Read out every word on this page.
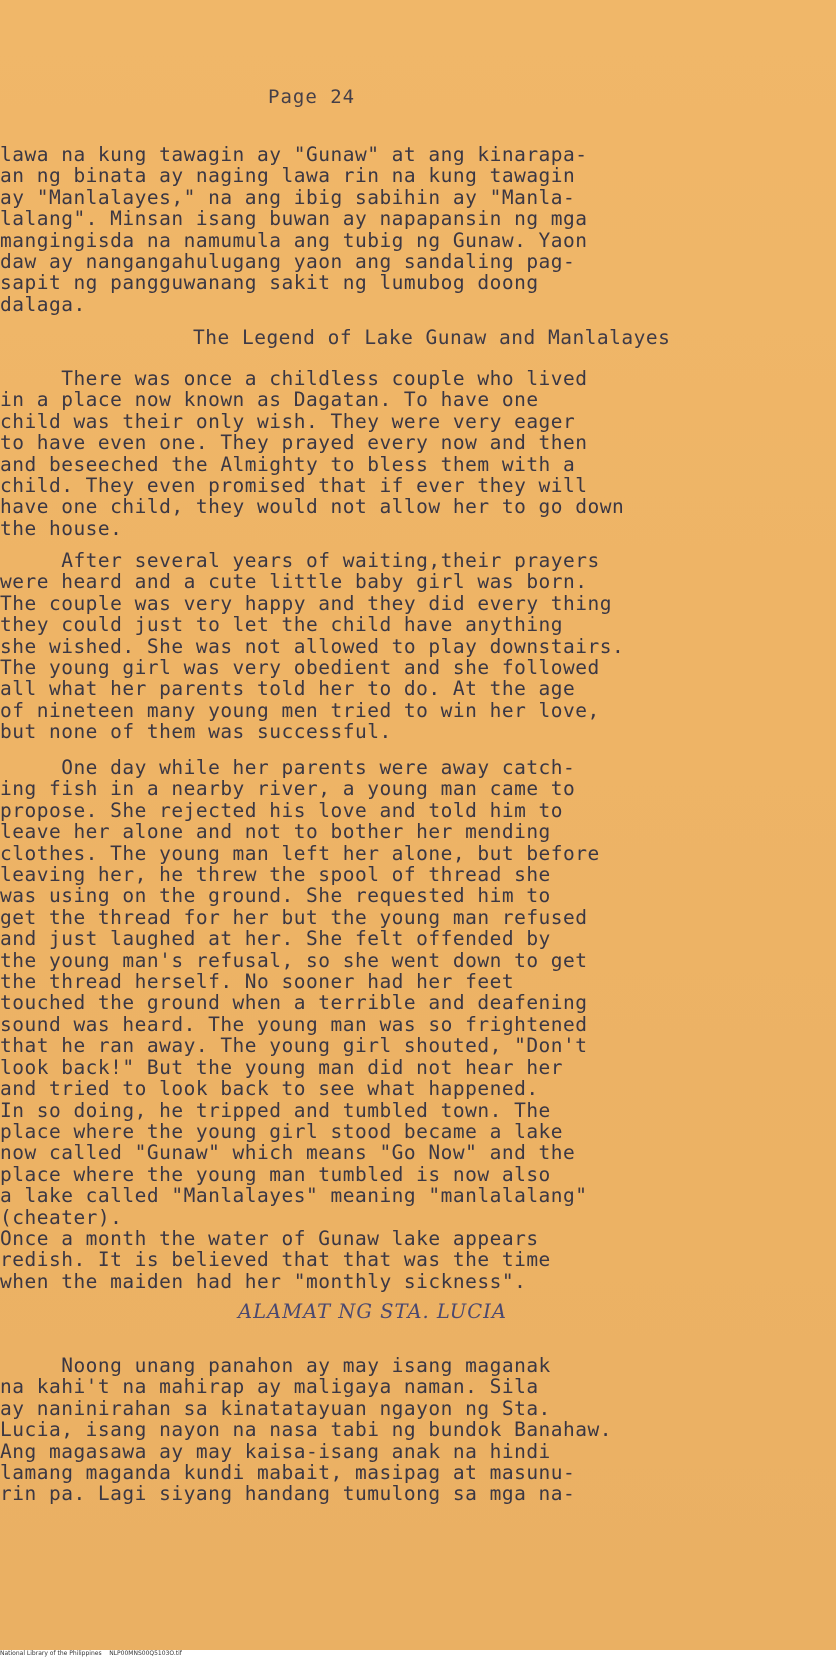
Page 24

lawa na kung tawagin ay "Gunaw" at ang kinarapa-
an ng binata ay naging lawa rin na kung tawagin
ay "Manlalayes," na ang ibig sabihin ay "Manla-
lalang". Minsan isang buwan ay napapansin ng mga
mangingisda na namumula ang tubig ng Gunaw. Yaon
daw ay nangangahulugang yaon ang sandaling pag-
sapit ng pangguwanang sakit ng lumubog doong
dalaga.

The Legend of Lake Gunaw and Manlalayes

There was once a childless couple who lived
in a place now known as Dagatan. To have one
child was their only wish. They were very eager
to have even one. They prayed every now and then
and beseeched the Almighty to bless them with a
child. They even promised that if ever they will
have one child, they would not allow her to go down
the house.

After several years of waiting,their prayers
were heard and a cute little baby girl was born.
The couple was very happy and they did every thing
they could just to let the child have anything
she wished. She was not allowed to play downstairs.
The young girl was very obedient and she followed
all what her parents told her to do. At the age
of nineteen many young men tried to win her love,
but none of them was successful.

One day while her parents were away catch-
ing fish in a nearby river, a young man came to
propose. She rejected his love and told him to
leave her alone and not to bother her mending
clothes. The young man left her alone, but before
leaving her, he threw the spool of thread she
was using on the ground. She requested him to
get the thread for her but the young man refused
and just laughed at her. She felt offended by
the young man's refusal, so she went down to get
the thread herself. No sooner had her feet
touched the ground when a terrible and deafening
sound was heard. The young man was so frightened
that he ran away. The young girl shouted, "Don't
look back!" But the young man did not hear her
and tried to look back to see what happened.
In so doing, he tripped and tumbled town. The
place where the young girl stood became a lake
now called "Gunaw" which means "Go Now" and the
place where the young man tumbled is now also
a lake called "Manlalayes" meaning "manlalalang"
(cheater).
Once a month the water of Gunaw lake appears
redish. It is believed that that was the time
when the maiden had her "monthly sickness".

ALAMAT NG STA. LUCIA

Noong unang panahon ay may isang maganak
na kahi't na mahirap ay maligaya naman. Sila
ay naninirahan sa kinatatayuan ngayon ng Sta.
Lucia, isang nayon na nasa tabi ng bundok Banahaw.
Ang magasawa ay may kaisa-isang anak na hindi
lamang maganda kundi mabait, masipag at masunu-
rin pa. Lagi siyang handang tumulong sa mga na-

National Library of the Philippines    NLP00MNS00Q5103O.tif
